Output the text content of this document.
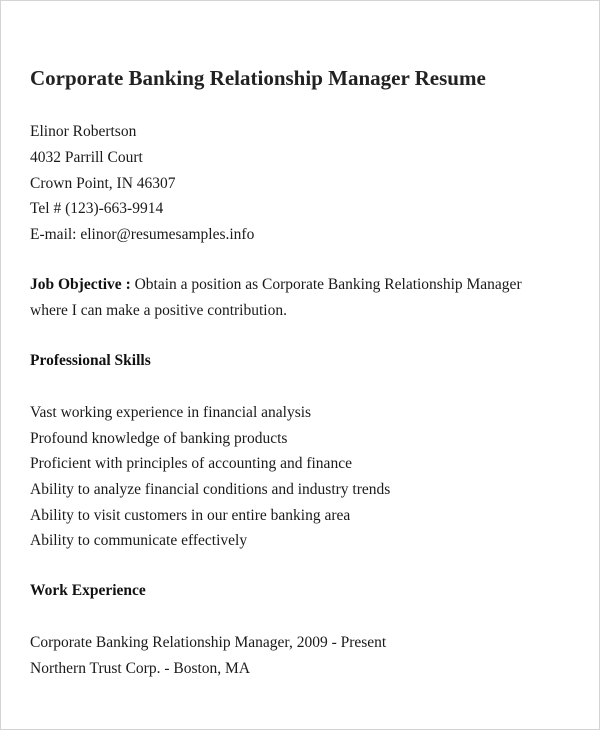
Corporate Banking Relationship Manager Resume
Elinor Robertson
4032 Parrill Court
Crown Point, IN 46307
Tel # (123)-663-9914
E-mail: elinor@resumesamples.info
Job Objective : Obtain a position as Corporate Banking Relationship Manager
where I can make a positive contribution.
Professional Skills
Vast working experience in financial analysis
Profound knowledge of banking products
Proficient with principles of accounting and finance
Ability to analyze financial conditions and industry trends
Ability to visit customers in our entire banking area
Ability to communicate effectively
Work Experience
Corporate Banking Relationship Manager, 2009 - Present
Northern Trust Corp. - Boston, MA
